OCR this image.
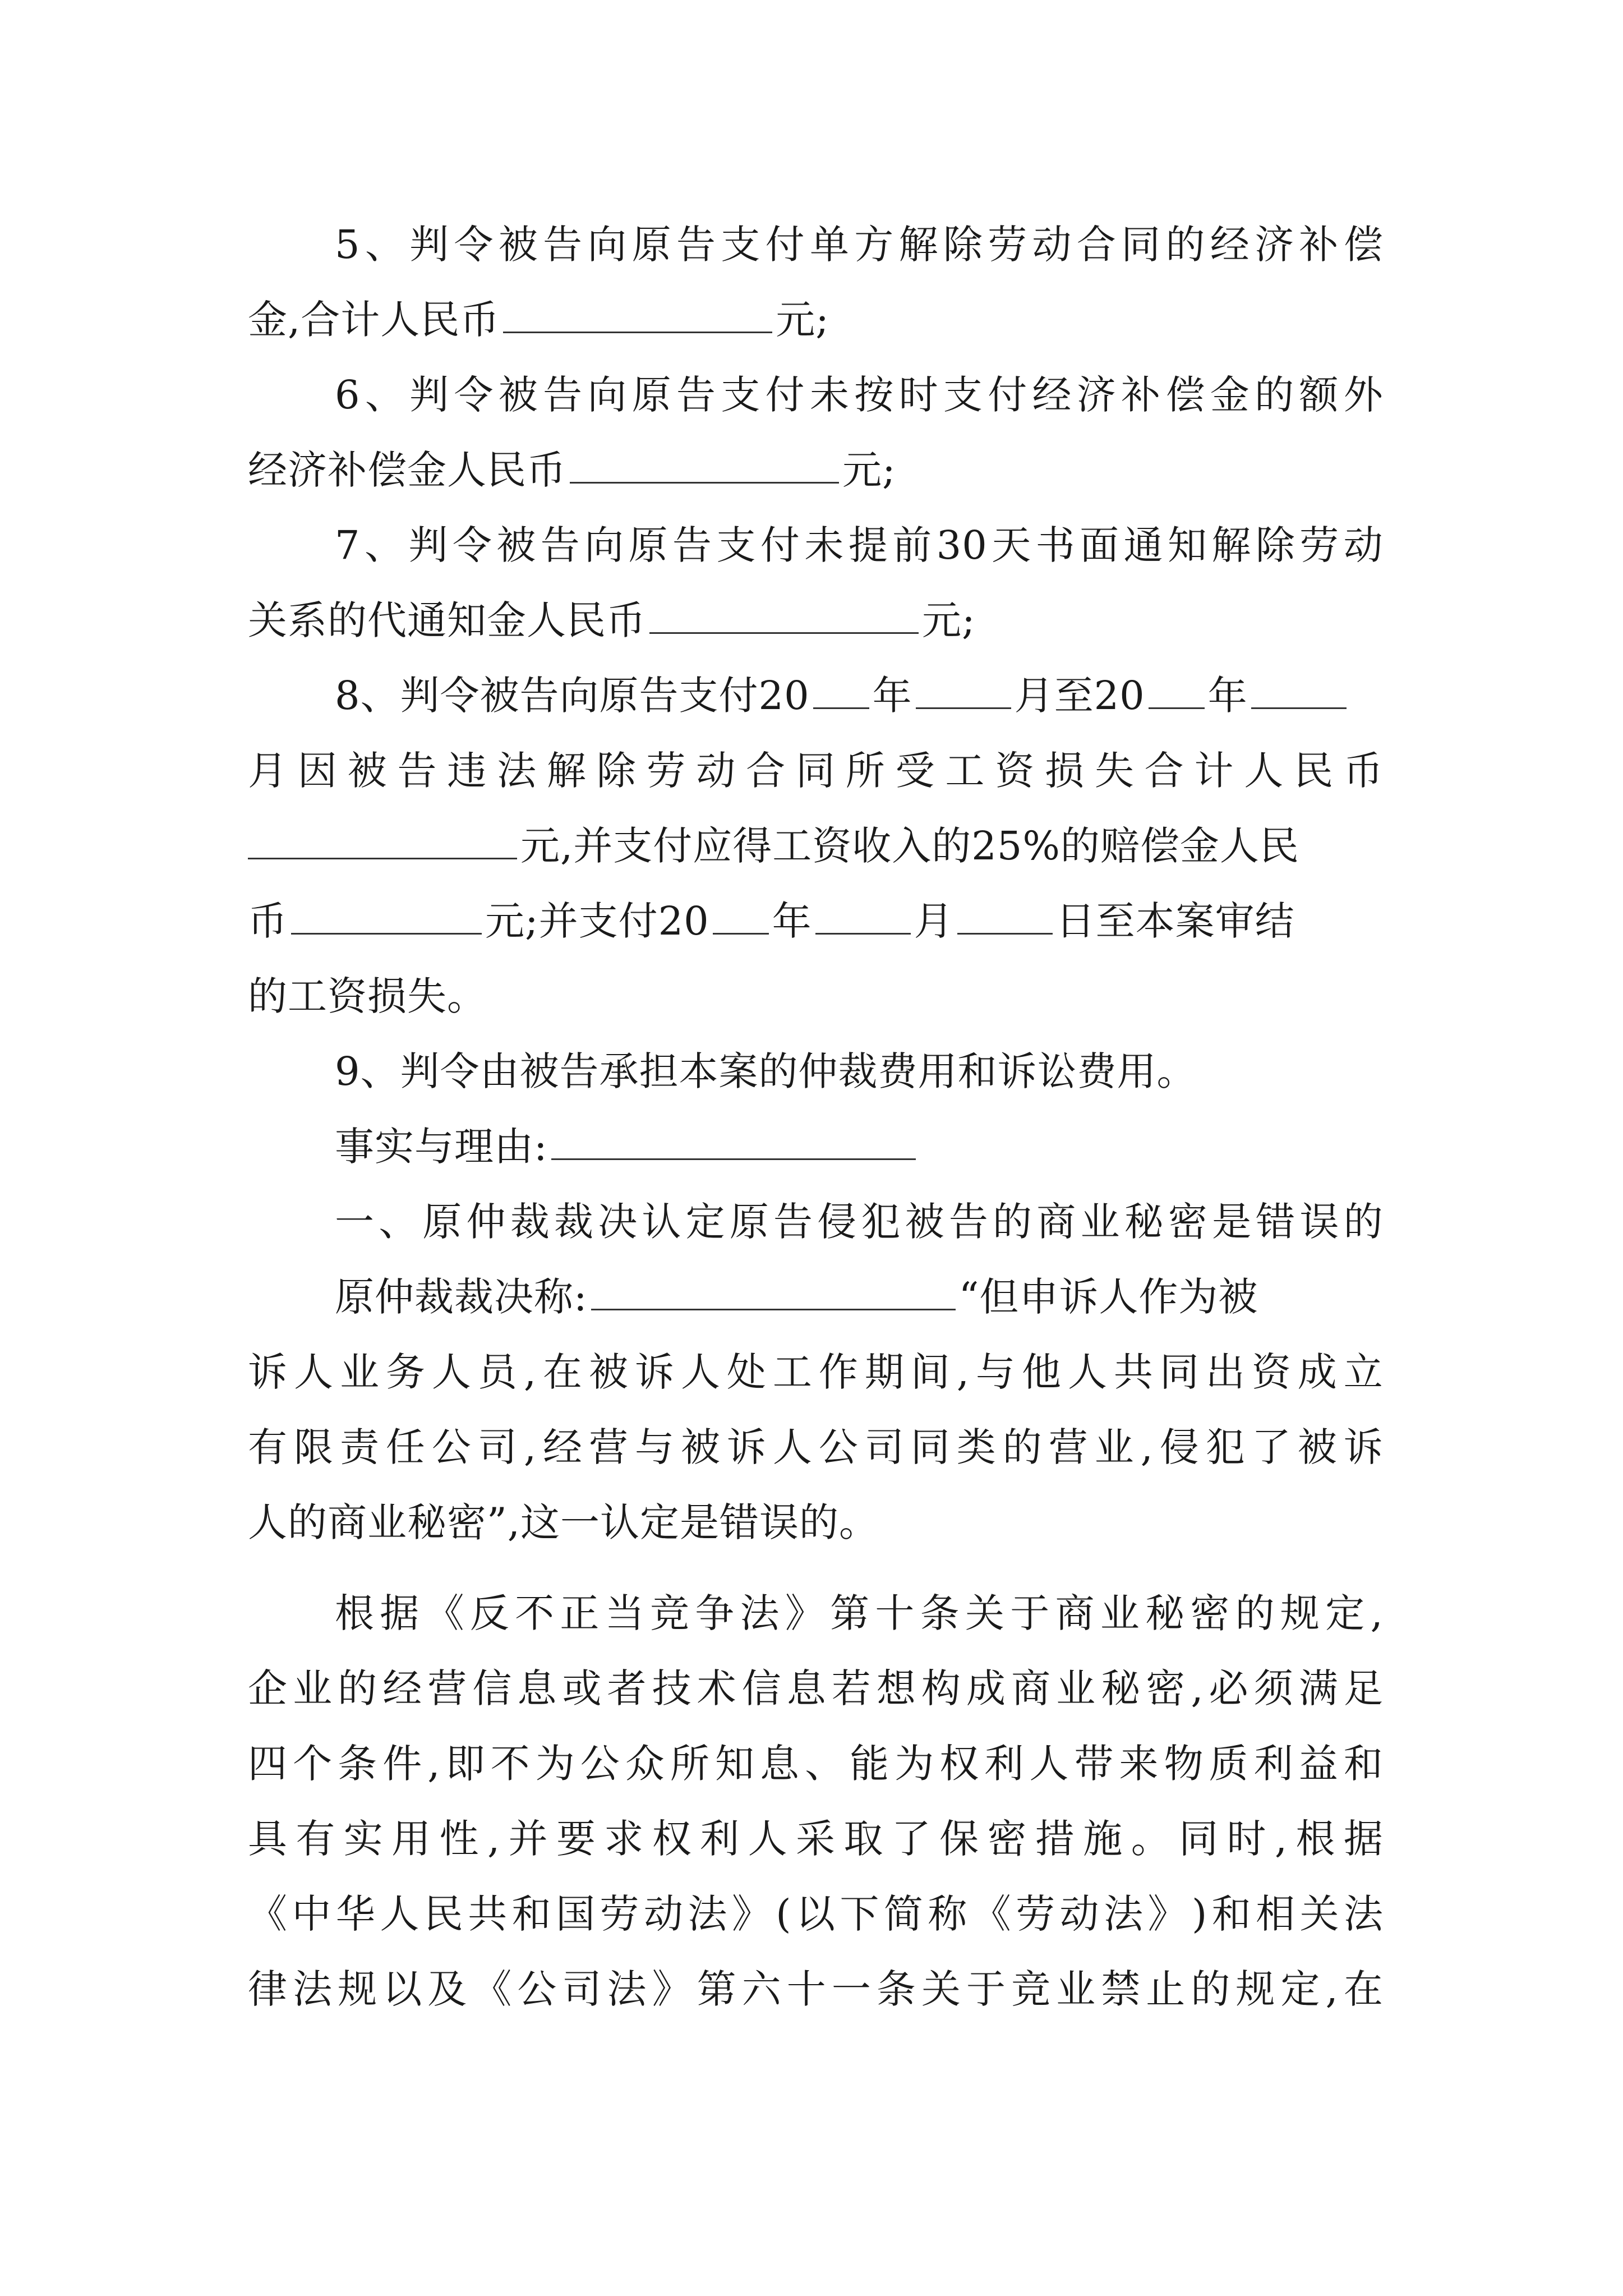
5 、 判 令 被 告 向 原 告 支 付 单 方 解 除 劳 动 合 同 的 经 济 补 偿
金,合计人民币	元;
6 、 判 令 被 告 向 原 告 支 付 未 按 时 支 付 经 济 补 偿 金 的 额 外
经济补偿金人民币	元;
7 、 判 令 被 告 向 原 告 支 付 未 提 前 30 天 书 面 通 知 解 除 劳 动
关系的代通知金人民币	元;
8、判令被告向原告支付20 年	月至20 年
月 因 被 告 违 法 解 除 劳 动 合 同 所 受 工 资 损 失 合 计 人 民 币
元,并支付应得工资收入的25%的赔偿金人民
币	元;并支付20 年	月	日至本案审结
的工资损失。
9、判令由被告承担本案的仲裁费用和诉讼费用。
事实与理由:
一 、 原 仲 裁 裁 决 认 定 原 告 侵 犯 被 告 的 商 业 秘 密 是 错 误 的
原仲裁裁决称:	“但申诉人作为被
诉 人 业 务 人 员 , 在 被 诉 人 处 工 作 期 间 , 与 他 人 共 同 出 资 成 立
有 限 责 任 公 司 , 经 营 与 被 诉 人 公 司 同 类 的 营 业 , 侵 犯 了 被 诉
人的商业秘密”,这一认定是错误的。
根 据 《 反 不 正 当 竞 争 法 》 第 十 条 关 于 商 业 秘 密 的 规 定 ,
企 业 的 经 营 信 息 或 者 技 术 信 息 若 想 构 成 商 业 秘 密 , 必 须 满 足
四 个 条 件 , 即 不 为 公 众 所 知 息 、 能 为 权 利 人 带 来 物 质 利 益 和
具 有 实 用 性 , 并 要 求 权 利 人 采 取 了 保 密 措 施 。 同 时 , 根 据
《 中 华 人 民 共 和 国 劳 动 法 》 ( 以 下 简 称 《 劳 动 法 》 ) 和 相 关 法
律 法 规 以 及 《 公 司 法 》 第 六 十 一 条 关 于 竞 业 禁 止 的 规 定 , 在
